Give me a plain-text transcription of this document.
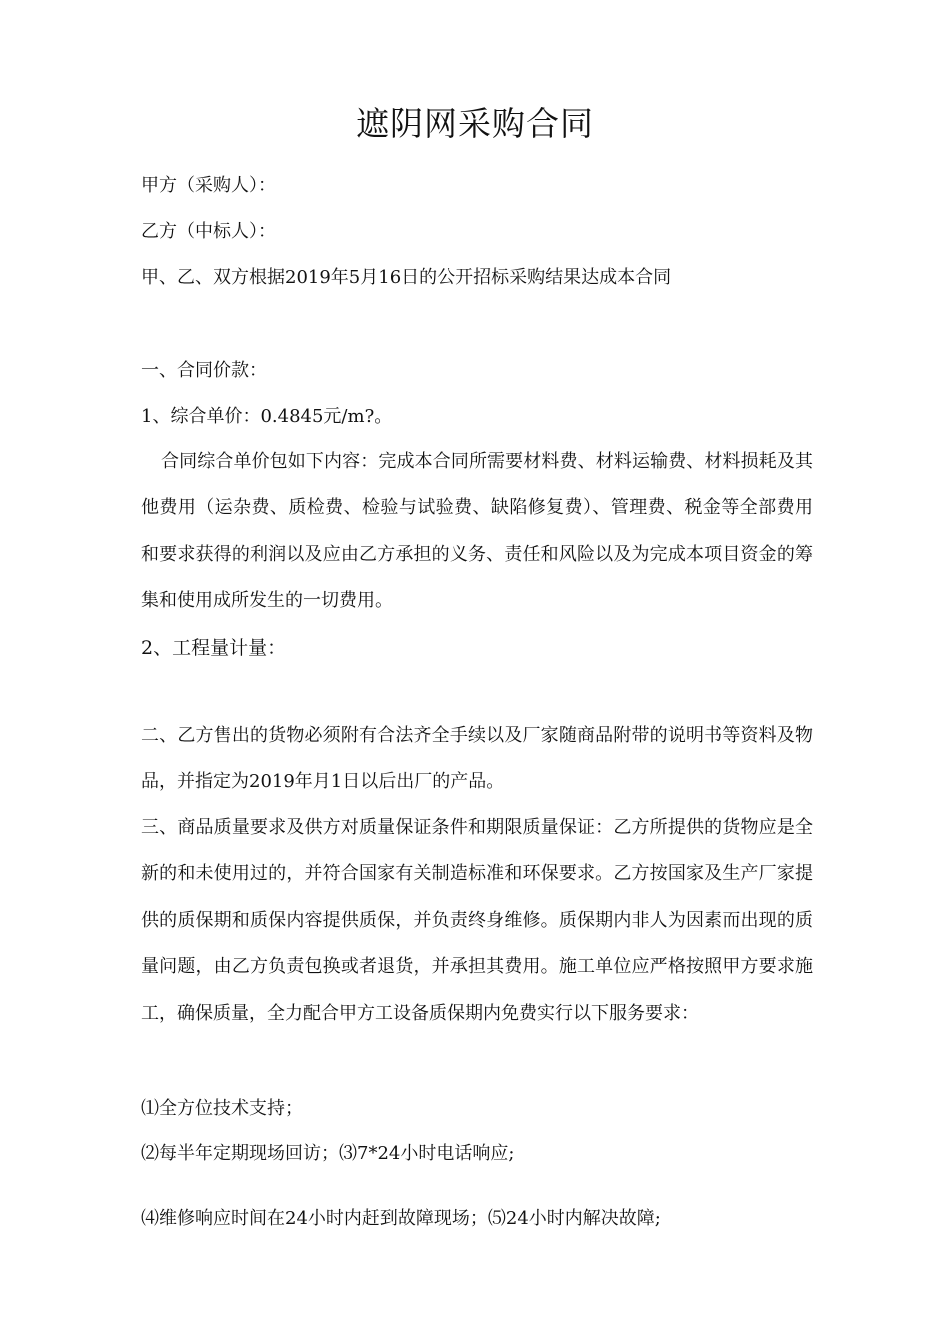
遮阴网采购合同
甲方（采购人）：
乙方（中标人）：
甲、乙、双方根据2019年5月16日的公开招标采购结果达成本合同
一、合同价款：
1、综合单价：0.4845元/m?。
合同综合单价包如下内容：完成本合同所需要材料费、材料运输费、材料损耗及其他费用（运杂费、质检费、检验与试验费、缺陷修复费）、管理费、税金等全部费用和要求获得的利润以及应由乙方承担的义务、责任和风险以及为完成本项目资金的筹集和使用成所发生的一切费用。
2、工程量计量：
二、乙方售出的货物必须附有合法齐全手续以及厂家随商品附带的说明书等资料及物品，并指定为2019年月1日以后出厂的产品。
三、商品质量要求及供方对质量保证条件和期限质量保证：乙方所提供的货物应是全新的和未使用过的，并符合国家有关制造标准和环保要求。乙方按国家及生产厂家提供的质保期和质保内容提供质保，并负责终身维修。质保期内非人为因素而出现的质量问题，由乙方负责包换或者退货，并承担其费用。施工单位应严格按照甲方要求施工，确保质量，全力配合甲方工设备质保期内免费实行以下服务要求：
⑴全方位技术支持；
⑵每半年定期现场回访；⑶7*24小时电话响应;
⑷维修响应时间在24小时内赶到故障现场；⑸24小时内解决故障;
